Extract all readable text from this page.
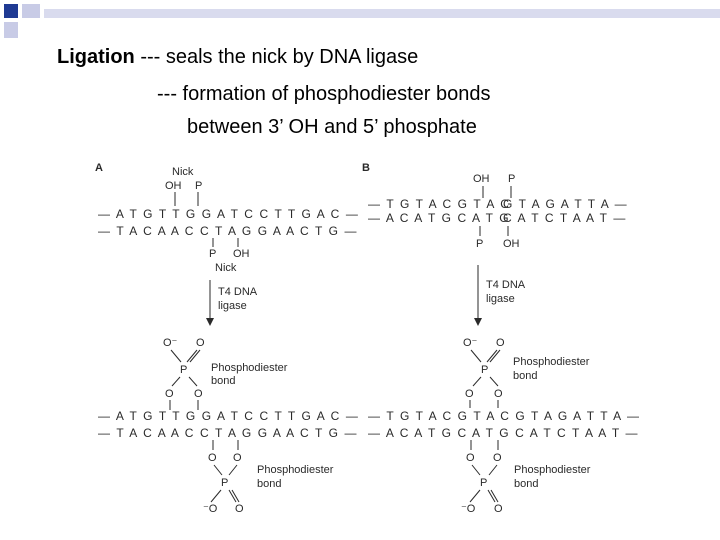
Ligation --- seals the nick by DNA ligase
--- formation of phosphodiester bonds
between 3’ OH and 5’ phosphate
A	Nick
OH P
— A T G T T G G A T C C T T G A C —
— T A C A A C C T A G G A A C T G —
P OH
Nick
T4 DNA
ligase
O⁻ O
P
O O
Phosphodiester
bond
— A T G T T G G A T C C T T G A C —
— T A C A A C C T A G G A A C T G —
O O
P
⁻O O
Phosphodiester
bond
B
OH P
— T G T A C G T A C
G T A G A T T A —
— A C A T G C A T G
C A T C T A A T —
P OH
T4 DNA
ligase
O⁻ O
P
O O
Phosphodiester
bond
— T G T A C G T A C G T A G A T T A —
— A C A T G C A T G C A T C T A A T —
O O
P
⁻O O
Phosphodiester
bond
